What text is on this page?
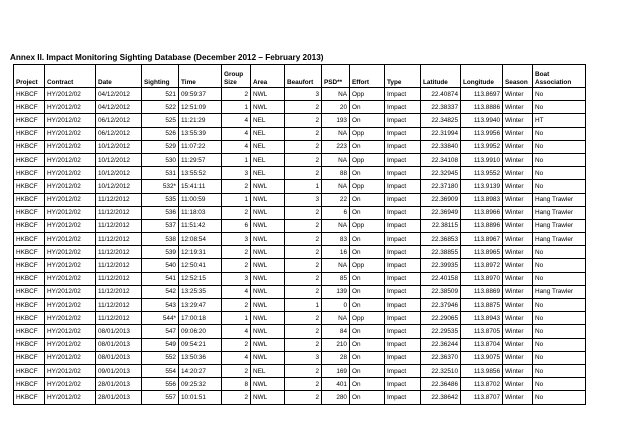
Annex II. Impact Monitoring Sighting Database (December 2012 – February 2013)
Project	Contract	Date	Sighting	Time	Group Size	Area	Beaufort	PSD**	Effort	Type	Latitude	Longitude	Season	Boat Association
HKBCF	HY/2012/02	04/12/2012	521	09:59:37	2	NWL	3	NA	Opp	Impact	22.40874	113.8697	Winter	No
HKBCF	HY/2012/02	04/12/2012	522	12:51:09	1	NWL	2	20	On	Impact	22.38337	113.8886	Winter	No
HKBCF	HY/2012/02	06/12/2012	525	11:21:29	4	NEL	2	193	On	Impact	22.34825	113.9940	Winter	HT
HKBCF	HY/2012/02	06/12/2012	526	13:55:39	4	NEL	2	NA	Opp	Impact	22.31994	113.9956	Winter	No
HKBCF	HY/2012/02	10/12/2012	529	11:07:22	4	NEL	2	223	On	Impact	22.33840	113.9952	Winter	No
HKBCF	HY/2012/02	10/12/2012	530	11:29:57	1	NEL	2	NA	Opp	Impact	22.34108	113.9910	Winter	No
HKBCF	HY/2012/02	10/12/2012	531	13:55:52	3	NEL	2	88	On	Impact	22.32945	113.9552	Winter	No
HKBCF	HY/2012/02	10/12/2012	532*	15:41:11	2	NWL	1	NA	Opp	Impact	22.37180	113.9139	Winter	No
HKBCF	HY/2012/02	11/12/2012	535	11:00:59	1	NWL	3	22	On	Impact	22.36909	113.8983	Winter	Hang Trawler
HKBCF	HY/2012/02	11/12/2012	536	11:18:03	2	NWL	2	6	On	Impact	22.36949	113.8966	Winter	Hang Trawler
HKBCF	HY/2012/02	11/12/2012	537	11:51:42	6	NWL	2	NA	Opp	Impact	22.38115	113.8896	Winter	Hang Trawler
HKBCF	HY/2012/02	11/12/2012	538	12:08:54	3	NWL	2	83	On	Impact	22.36853	113.8967	Winter	Hang Trawler
HKBCF	HY/2012/02	11/12/2012	539	12:19:31	2	NWL	2	16	On	Impact	22.38855	113.8965	Winter	No
HKBCF	HY/2012/02	11/12/2012	540	12:50:41	2	NWL	2	NA	Opp	Impact	22.39935	113.8972	Winter	No
HKBCF	HY/2012/02	11/12/2012	541	12:52:15	3	NWL	2	85	On	Impact	22.40158	113.8970	Winter	No
HKBCF	HY/2012/02	11/12/2012	542	13:25:35	4	NWL	2	139	On	Impact	22.38509	113.8869	Winter	Hang Trawler
HKBCF	HY/2012/02	11/12/2012	543	13:29:47	2	NWL	1	0	On	Impact	22.37946	113.8875	Winter	No
HKBCF	HY/2012/02	11/12/2012	544*	17:00:18	1	NWL	2	NA	Opp	Impact	22.29065	113.8943	Winter	No
HKBCF	HY/2012/02	08/01/2013	547	09:06:20	4	NWL	2	84	On	Impact	22.29535	113.8705	Winter	No
HKBCF	HY/2012/02	08/01/2013	549	09:54:21	2	NWL	2	210	On	Impact	22.36244	113.8704	Winter	No
HKBCF	HY/2012/02	08/01/2013	552	13:50:36	4	NWL	3	28	On	Impact	22.36370	113.9075	Winter	No
HKBCF	HY/2012/02	09/01/2013	554	14:20:27	2	NEL	2	169	On	Impact	22.32510	113.9856	Winter	No
HKBCF	HY/2012/02	28/01/2013	556	09:25:32	8	NWL	2	401	On	Impact	22.36486	113.8702	Winter	No
HKBCF	HY/2012/02	28/01/2013	557	10:01:51	2	NWL	2	280	On	Impact	22.38642	113.8707	Winter	No
